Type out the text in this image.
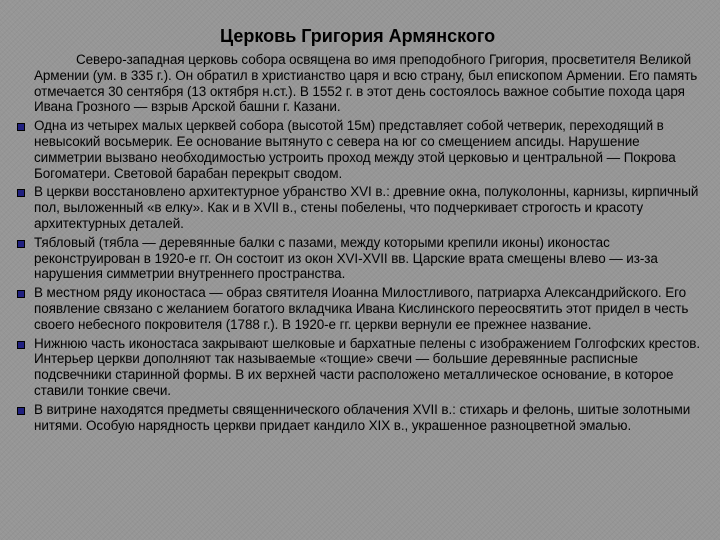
Церковь Григория Армянского
Северо-западная церковь собора освящена во имя преподобного Григория, просветителя Великой Армении (ум. в 335 г.). Он обратил в христианство царя и всю страну, был епископом Армении. Его память отмечается 30 сентября (13 октября н.ст.). В 1552 г. в этот день состоялось важное событие похода царя Ивана Грозного — взрыв Арской башни г. Казани.
Одна из четырех малых церквей собора (высотой 15м) представляет собой четверик, переходящий в невысокий восьмерик. Ее основание вытянуто с севера на юг со смещением апсиды. Нарушение симметрии вызвано необходимостью устроить проход между этой церковью и центральной — Покрова Богоматери. Световой барабан перекрыт сводом.
В церкви восстановлено архитектурное убранство XVI в.: древние окна, полуколонны, карнизы, кирпичный пол, выложенный «в елку». Как и в XVII в., стены побелены, что подчеркивает строгость и красоту архитектурных деталей.
Тябловый (тябла — деревянные балки с пазами, между которыми крепили иконы) иконостас реконструирован в 1920-е гг. Он состоит из окон XVI-XVII вв. Царские врата смещены влево — из-за нарушения симметрии внутреннего пространства.
В местном ряду иконостаса — образ святителя Иоанна Милостливого, патриарха Александрийского. Его появление связано с желанием богатого вкладчика Ивана Кислинского переосвятить этот придел в честь своего небесного покровителя (1788 г.). В 1920-е гг. церкви вернули ее прежнее название.
Нижнюю часть иконостаса закрывают шелковые и бархатные пелены с изображением Голгофских крестов. Интерьер церкви дополняют так называемые «тощие» свечи — большие деревянные расписные подсвечники старинной формы. В их верхней части расположено металлическое основание, в которое ставили тонкие свечи.
В витрине находятся предметы священнического облачения XVII в.: стихарь и фелонь, шитые золотными нитями. Особую нарядность церкви придает кандило XIX в., украшенное разноцветной эмалью.
